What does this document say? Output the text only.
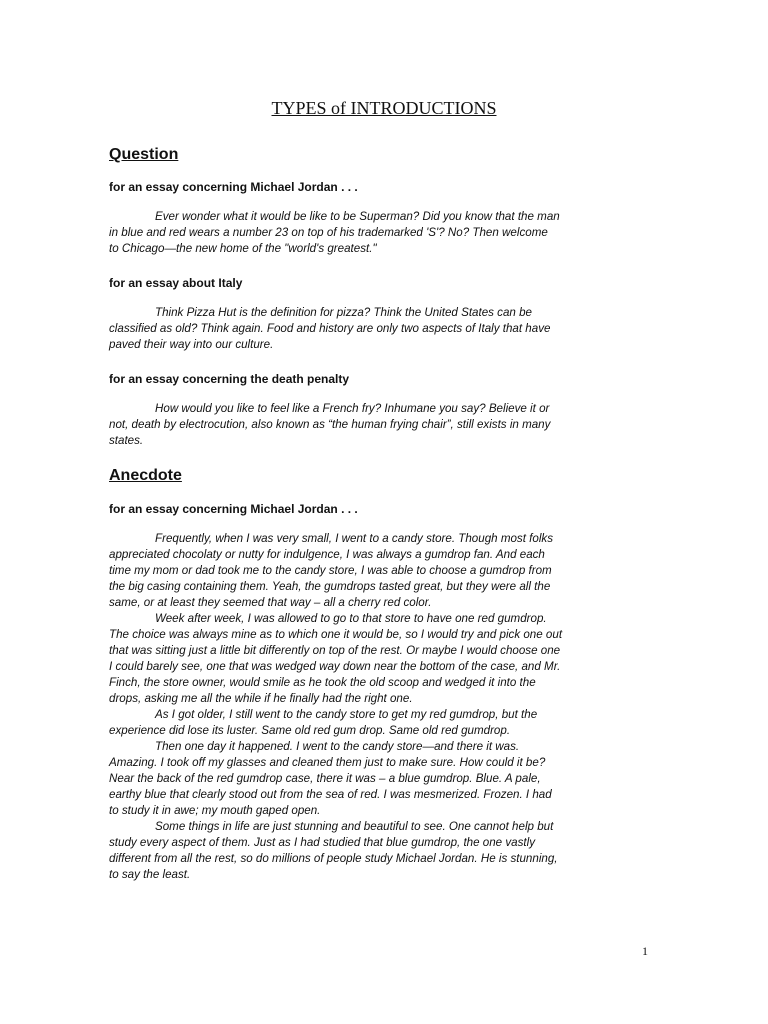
TYPES of INTRODUCTIONS
Question
for an essay concerning Michael Jordan . . .

Ever wonder what it would be like to be Superman? Did you know that the man
in blue and red wears a number 23 on top of his trademarked 'S'? No? Then welcome
to Chicago—the new home of the "world's greatest."

for an essay about Italy

Think Pizza Hut is the definition for pizza? Think the United States can be
classified as old? Think again. Food and history are only two aspects of Italy that have
paved their way into our culture.

for an essay concerning the death penalty

How would you like to feel like a French fry? Inhumane you say? Believe it or
not, death by electrocution, also known as “the human frying chair”, still exists in many
states.

Anecdote
for an essay concerning Michael Jordan . . .

Frequently, when I was very small, I went to a candy store. Though most folks
appreciated chocolaty or nutty for indulgence, I was always a gumdrop fan. And each
time my mom or dad took me to the candy store, I was able to choose a gumdrop from
the big casing containing them. Yeah, the gumdrops tasted great, but they were all the
same, or at least they seemed that way – all a cherry red color.
Week after week, I was allowed to go to that store to have one red gumdrop.
The choice was always mine as to which one it would be, so I would try and pick one out
that was sitting just a little bit differently on top of the rest. Or maybe I would choose one
I could barely see, one that was wedged way down near the bottom of the case, and Mr.
Finch, the store owner, would smile as he took the old scoop and wedged it into the
drops, asking me all the while if he finally had the right one.
As I got older, I still went to the candy store to get my red gumdrop, but the
experience did lose its luster. Same old red gum drop. Same old red gumdrop.
Then one day it happened. I went to the candy store—and there it was.
Amazing. I took off my glasses and cleaned them just to make sure. How could it be?
Near the back of the red gumdrop case, there it was – a blue gumdrop. Blue. A pale,
earthy blue that clearly stood out from the sea of red. I was mesmerized. Frozen. I had
to study it in awe; my mouth gaped open.
Some things in life are just stunning and beautiful to see. One cannot help but
study every aspect of them. Just as I had studied that blue gumdrop, the one vastly
different from all the rest, so do millions of people study Michael Jordan. He is stunning,
to say the least.

1
